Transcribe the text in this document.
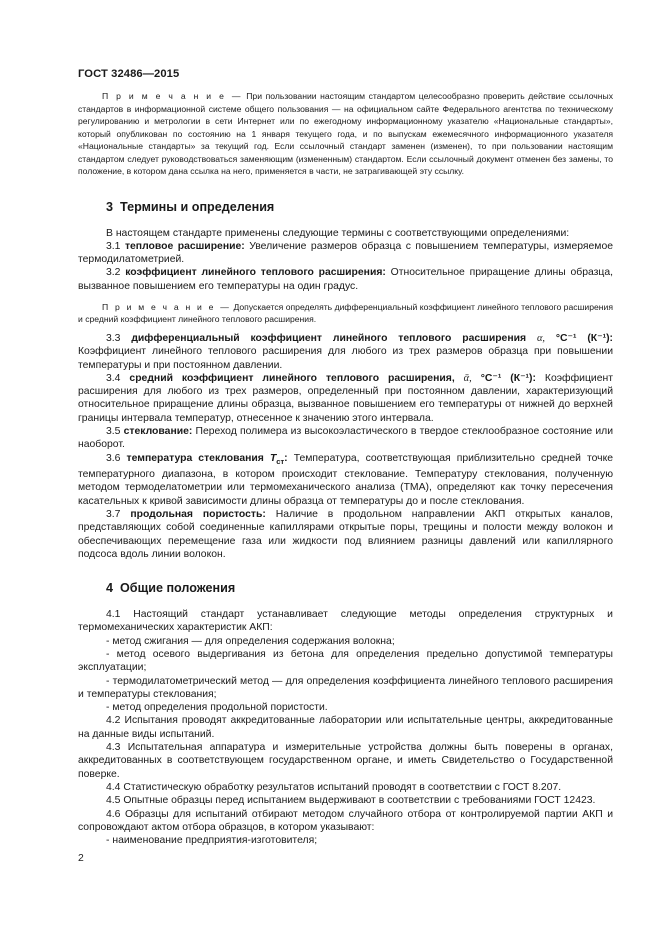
ГОСТ 32486—2015

П р и м е ч а н и е — При пользовании настоящим стандартом целесообразно проверить действие ссылочных стандартов в информационной системе общего пользования — на официальном сайте Федерального агентства по техническому регулированию и метрологии в сети Интернет или по ежегодному информационному указателю «Национальные стандарты», который опубликован по состоянию на 1 января текущего года, и по выпускам ежемесячного информационного указателя «Национальные стандарты» за текущий год. Если ссылочный стандарт заменен (изменен), то при пользовании настоящим стандартом следует руководствоваться заменяющим (измененным) стандартом. Если ссылочный документ отменен без замены, то положение, в котором дана ссылка на него, применяется в части, не затрагивающей эту ссылку.

3 Термины и определения

В настоящем стандарте применены следующие термины с соответствующими определениями:

3.1 тепловое расширение: Увеличение размеров образца с повышением температуры, измеряемое термодилатометрией.

3.2 коэффициент линейного теплового расширения: Относительное приращение длины образца, вызванное повышением его температуры на один градус.

П р и м е ч а н и е — Допускается определять дифференциальный коэффициент линейного теплового расширения и средний коэффициент линейного теплового расширения.

3.3 дифференциальный коэффициент линейного теплового расширения α, °С⁻¹ (К⁻¹): Коэффициент линейного теплового расширения для любого из трех размеров образца при повышении температуры и при постоянном давлении.

3.4 средний коэффициент линейного теплового расширения, ᾱ, °С⁻¹ (К⁻¹): Коэффициент расширения для любого из трех размеров, определенный при постоянном давлении, характеризующий относительное приращение длины образца, вызванное повышением его температуры от нижней до верхней границы интервала температур, отнесенное к значению этого интервала.

3.5 стеклование: Переход полимера из высокоэластического в твердое стеклообразное состояние или наоборот.

3.6 температура стеклования $T_{ст}$: Температура, соответствующая приблизительно средней точке температурного диапазона, в котором происходит стеклование. Температуру стеклования, полученную методом термоделатометрии или термомеханического анализа (ТМА), определяют как точку пересечения касательных к кривой зависимости длины образца от температуры до и после стеклования.

3.7 продольная пористость: Наличие в продольном направлении АКП открытых каналов, представляющих собой соединенные капиллярами открытые поры, трещины и полости между волокон и обеспечивающих перемещение газа или жидкости под влиянием разницы давлений или капиллярного подсоса вдоль линии волокон.

4 Общие положения

4.1 Настоящий стандарт устанавливает следующие методы определения структурных и термомеханических характеристик АКП:

- метод сжигания — для определения содержания волокна;

- метод осевого выдергивания из бетона для определения предельно допустимой температуры эксплуатации;

- термодилатометрический метод — для определения коэффициента линейного теплового расширения и температуры стеклования;

- метод определения продольной пористости.

4.2 Испытания проводят аккредитованные лаборатории или испытательные центры, аккредитованные на данные виды испытаний.

4.3 Испытательная аппаратура и измерительные устройства должны быть поверены в органах, аккредитованных в соответствующем государственном органе, и иметь Свидетельство о Государственной поверке.

4.4 Статистическую обработку результатов испытаний проводят в соответствии с ГОСТ 8.207.

4.5 Опытные образцы перед испытанием выдерживают в соответствии с требованиями ГОСТ 12423.

4.6 Образцы для испытаний отбирают методом случайного отбора от контролируемой партии АКП и сопровождают актом отбора образцов, в котором указывают:

- наименование предприятия-изготовителя;

2
